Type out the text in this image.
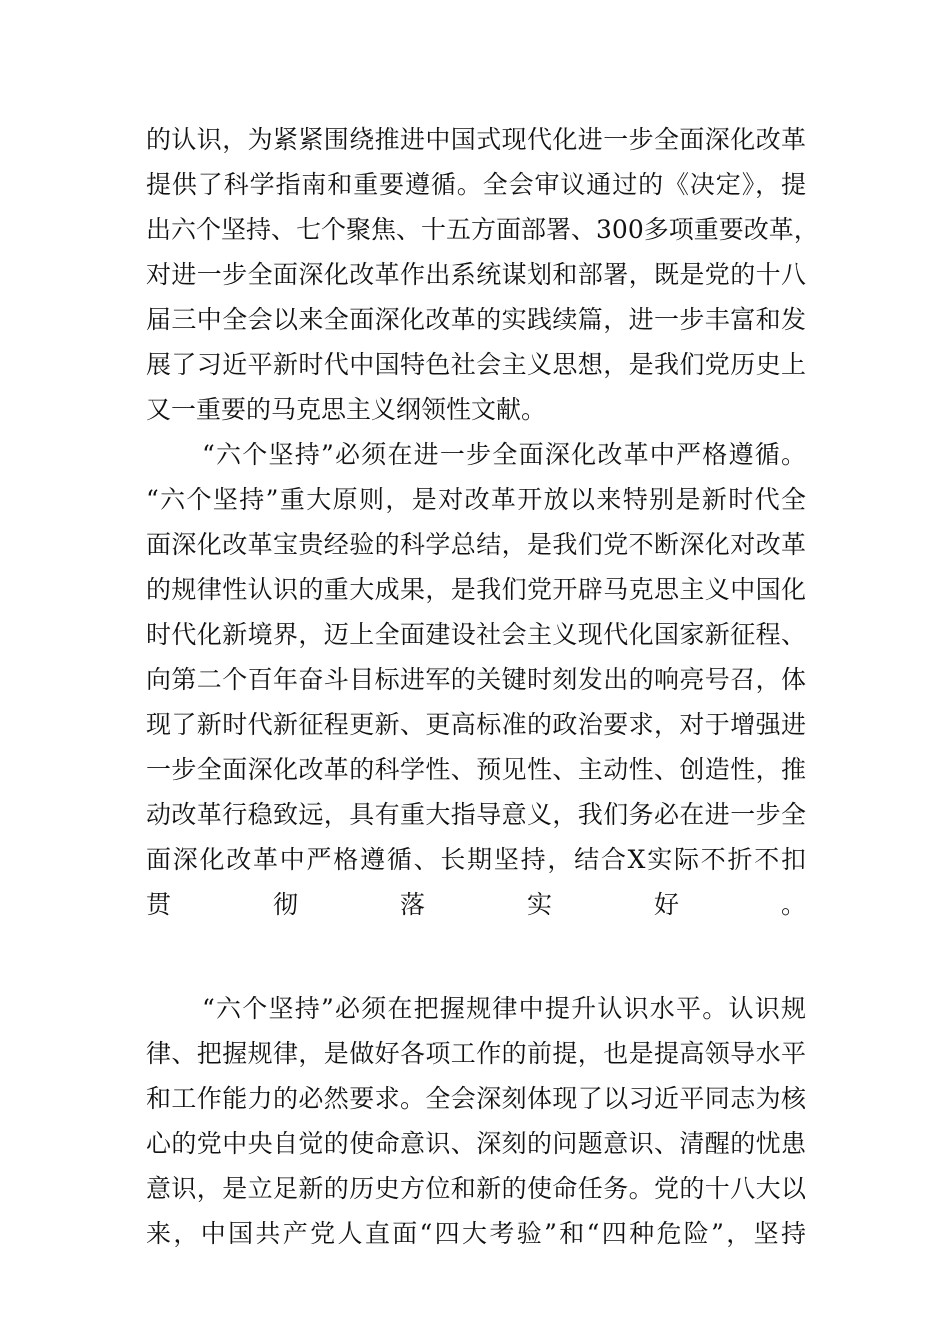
的认识，为紧紧围绕推进中国式现代化进一步全面深化改革
提供了科学指南和重要遵循。全会审议通过的《决定》，提
出六个坚持、七个聚焦、十五方面部署、300多项重要改革，
对进一步全面深化改革作出系统谋划和部署，既是党的十八
届三中全会以来全面深化改革的实践续篇，进一步丰富和发
展了习近平新时代中国特色社会主义思想，是我们党历史上
又一重要的马克思主义纲领性文献。
“六个坚持”必须在进一步全面深化改革中严格遵循。
“六个坚持”重大原则，是对改革开放以来特别是新时代全
面深化改革宝贵经验的科学总结，是我们党不断深化对改革
的规律性认识的重大成果，是我们党开辟马克思主义中国化
时代化新境界，迈上全面建设社会主义现代化国家新征程、
向第二个百年奋斗目标进军的关键时刻发出的响亮号召，体
现了新时代新征程更新、更高标准的政治要求，对于增强进
一步全面深化改革的科学性、预见性、主动性、创造性，推
动改革行稳致远，具有重大指导意义，我们务必在进一步全
面深化改革中严格遵循、长期坚持，结合X实际不折不扣
贯彻落实好。
“六个坚持”必须在把握规律中提升认识水平。认识规
律、把握规律，是做好各项工作的前提，也是提高领导水平
和工作能力的必然要求。全会深刻体现了以习近平同志为核
心的党中央自觉的使命意识、深刻的问题意识、清醒的忧患
意识，是立足新的历史方位和新的使命任务。党的十八大以
来，中国共产党人直面“四大考验”和“四种危险”，坚持
